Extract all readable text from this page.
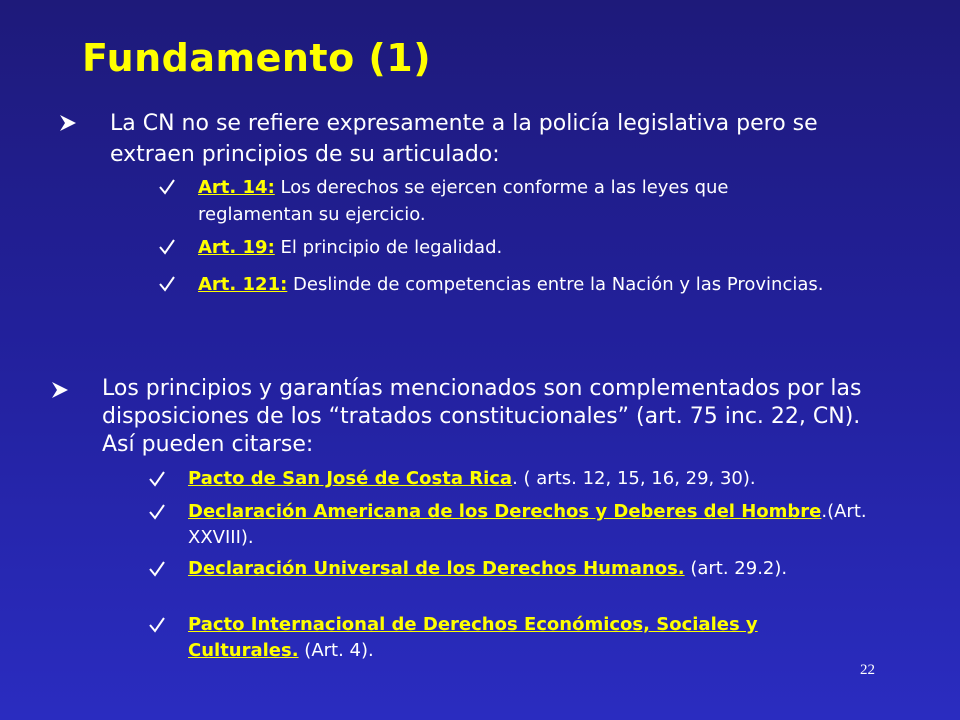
Fundamento (1)
La CN no se refiere expresamente a la policía legislativa pero se extraen principios de su articulado:
Art. 14: Los derechos se ejercen conforme a las leyes que reglamentan su ejercicio.
Art. 19: El principio de legalidad.
Art. 121: Deslinde de competencias entre la Nación y las Provincias.
Los principios y garantías mencionados son complementados por las disposiciones de los “tratados constitucionales” (art. 75 inc. 22, CN). Así pueden citarse:
Pacto de San José de Costa Rica. ( arts. 12, 15, 16, 29, 30).
Declaración Americana de los Derechos y Deberes del Hombre.(Art. XXVIII).
Declaración Universal de los Derechos Humanos. (art. 29.2).
Pacto Internacional de Derechos Económicos, Sociales y Culturales. (Art. 4).
22
